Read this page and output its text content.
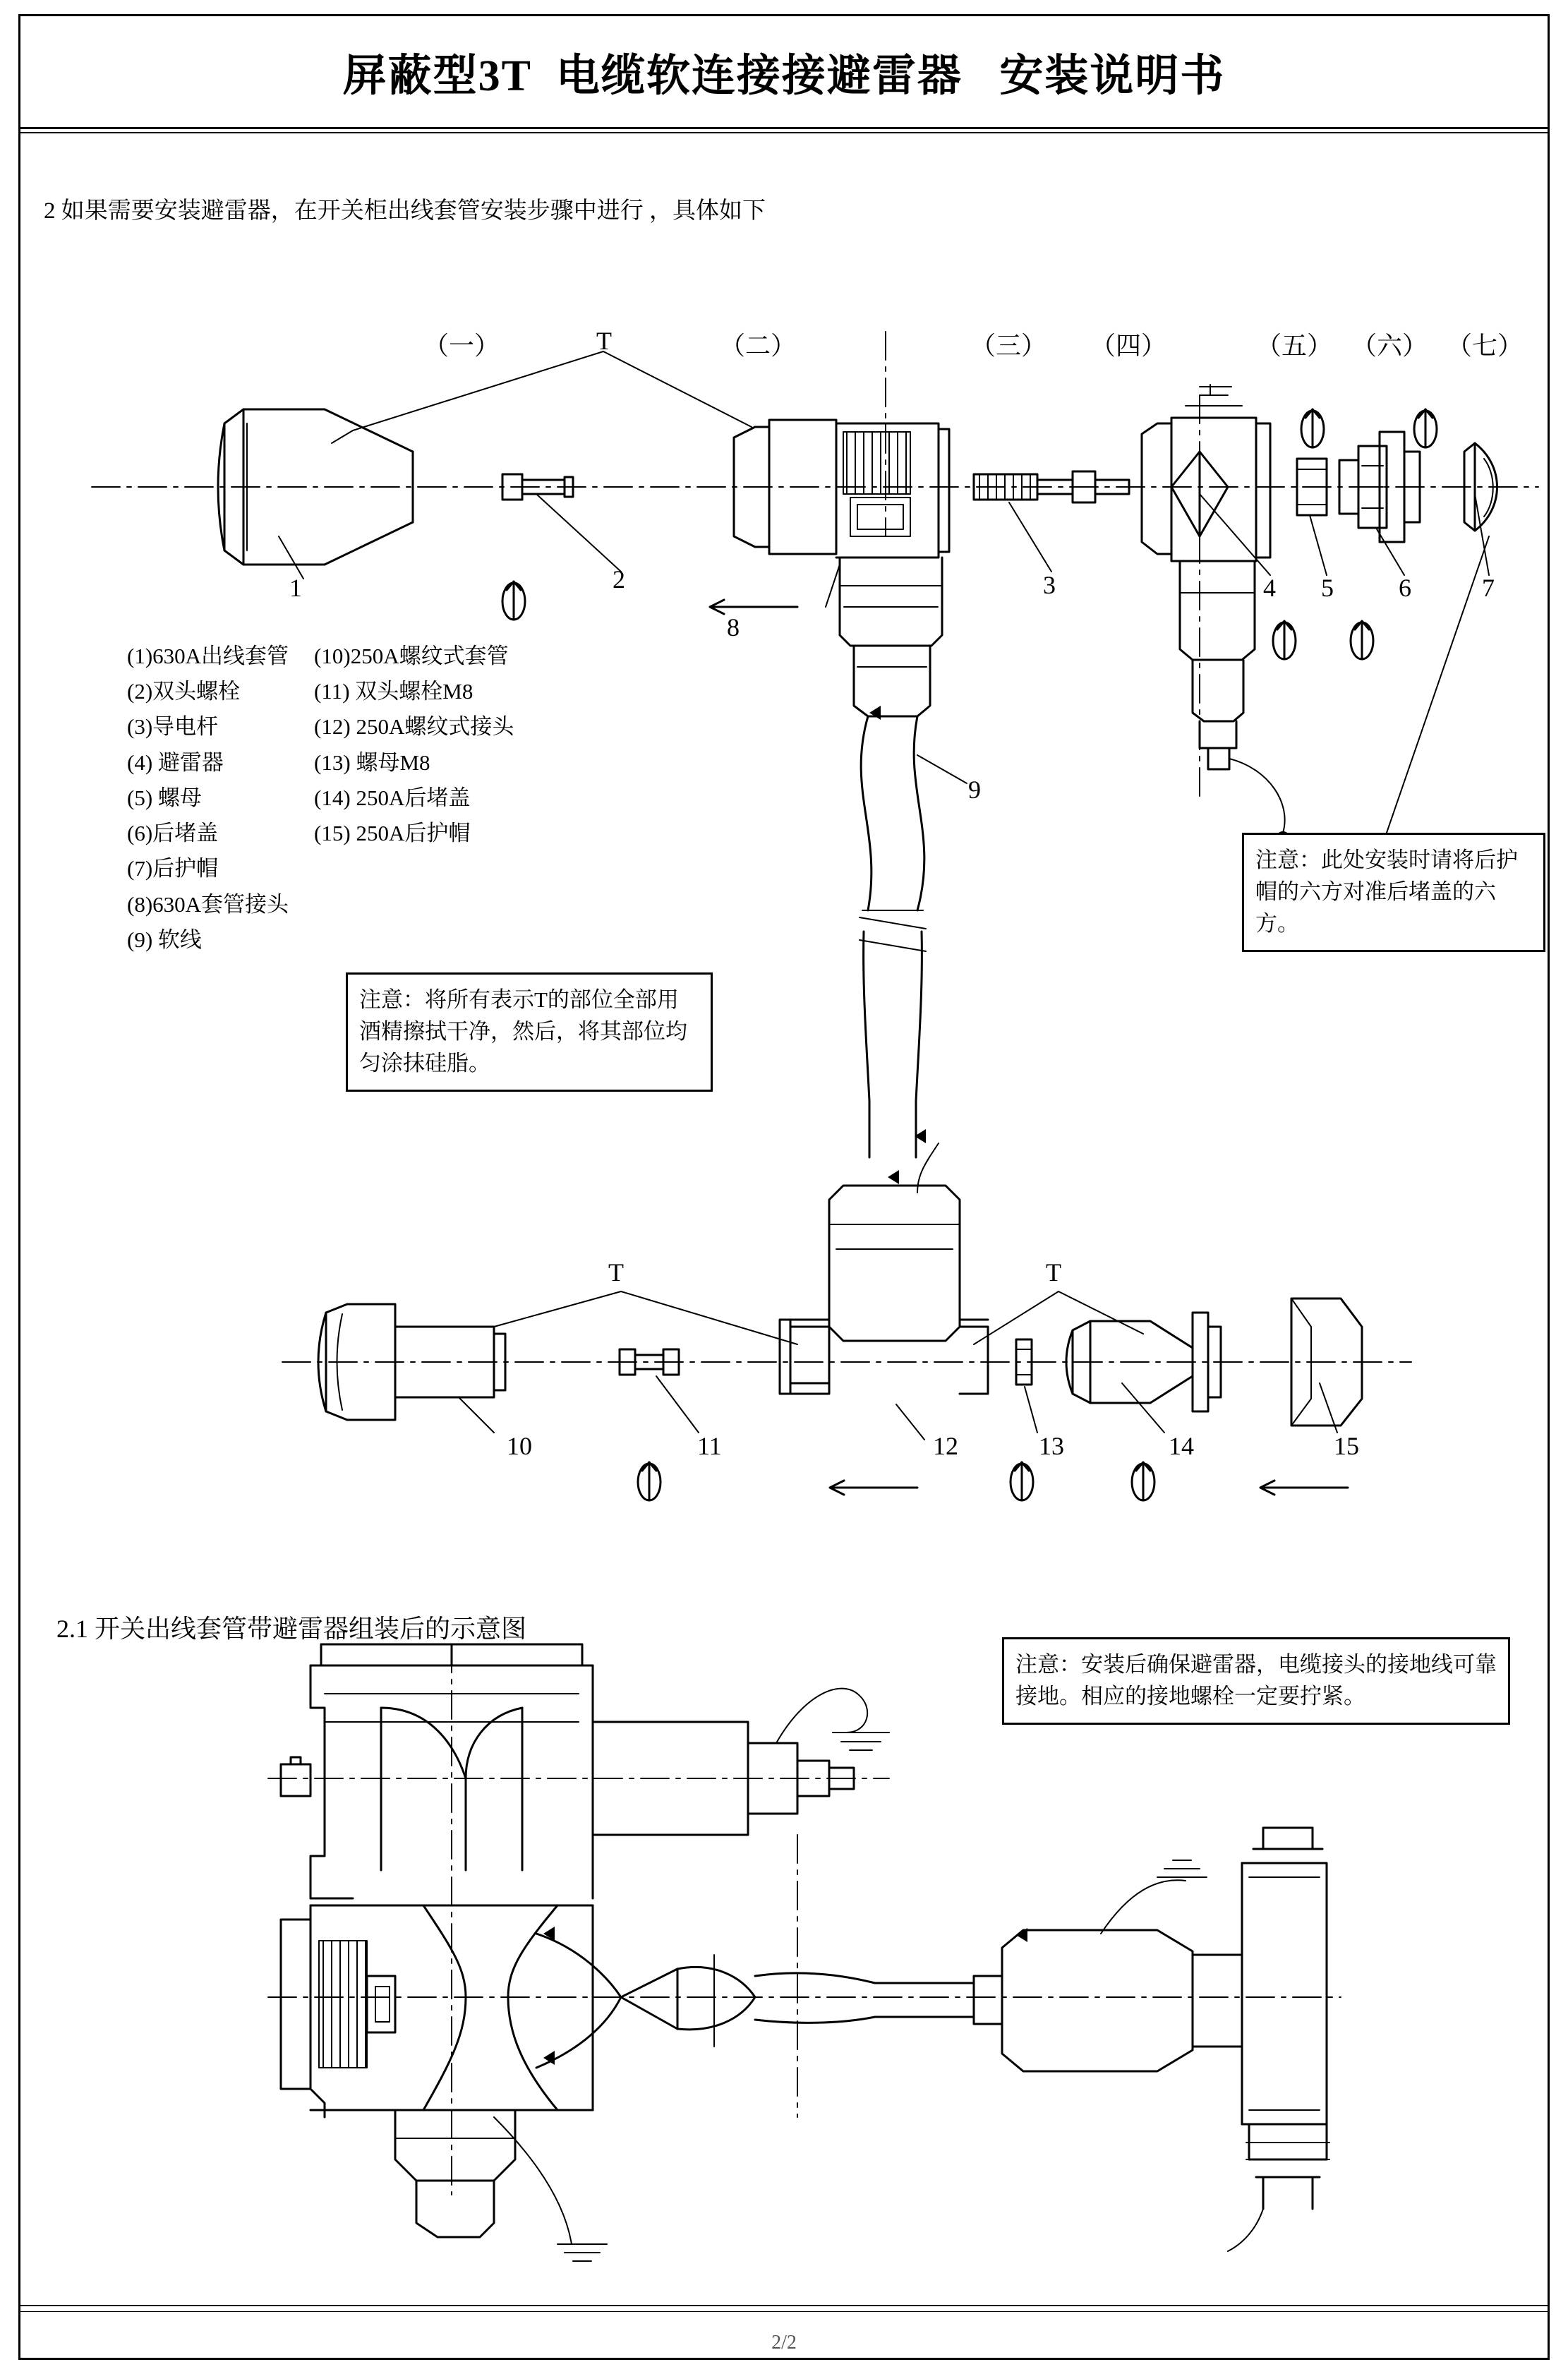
屏蔽型3T  电缆软连接接避雷器   安装说明书
2 如果需要安装避雷器，在开关柜出线套管安装步骤中进行 ，具体如下
2.1 开关出线套管带避雷器组装后的示意图
（一）	T	（二）	（三） （四）	（五） （六） （七）
1	2	3	4 5	6	7
8
9
10	11	12	13	14	15
T	T
(1)630A出线套管	(10)250A螺纹式套管
(2)双头螺栓	(11) 双头螺栓M8
(3)导电杆	(12) 250A螺纹式接头
(4) 避雷器	(13) 螺母M8
(5) 螺母	(14) 250A后堵盖
(6)后堵盖	(15) 250A后护帽
(7)后护帽	
(8)630A套管接头	
(9) 软线	
注意：将所有表示T的部位全部用酒精擦拭干净，然后，将其部位均匀涂抹硅脂。
注意：此处安装时请将后护帽的六方对准后堵盖的六方。
注意：安装后确保避雷器，电缆接头的接地线可靠接地。相应的接地螺栓一定要拧紧。
2/2
